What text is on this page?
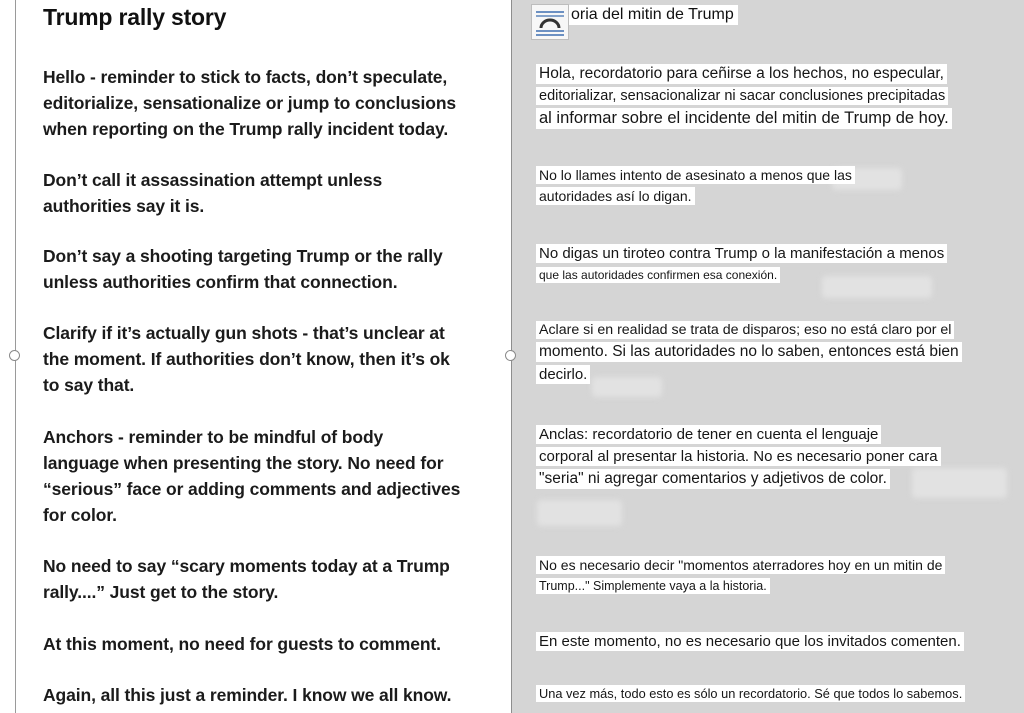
Trump rally story

Hello - reminder to stick to facts, don’t speculate,
editorialize, sensationalize or jump to conclusions
when reporting on the Trump rally incident today.

Don’t call it assassination attempt unless
authorities say it is.

Don’t say a shooting targeting Trump or the rally
unless authorities confirm that connection.

Clarify if it’s actually gun shots - that’s unclear at
the moment. If authorities don’t know, then it’s ok
to say that.

Anchors - reminder to be mindful of body
language when presenting the story. No need for
“serious” face or adding comments and adjectives
for color.

No need to say “scary moments today at a Trump
rally....” Just get to the story.

At this moment, no need for guests to comment.

Again, all this just a reminder. I know we all know.

oria del mitin de Trump
Hola, recordatorio para ceñirse a los hechos, no especular,
editorializar, sensacionalizar ni sacar conclusiones precipitadas
al informar sobre el incidente del mitin de Trump de hoy.
No lo llames intento de asesinato a menos que las
autoridades así lo digan.
No digas un tiroteo contra Trump o la manifestación a menos
que las autoridades confirmen esa conexión.
Aclare si en realidad se trata de disparos; eso no está claro por el
momento. Si las autoridades no lo saben, entonces está bien
decirlo.
Anclas: recordatorio de tener en cuenta el lenguaje
corporal al presentar la historia. No es necesario poner cara
"seria" ni agregar comentarios y adjetivos de color.
No es necesario decir "momentos aterradores hoy en un mitin de
Trump..." Simplemente vaya a la historia.
En este momento, no es necesario que los invitados comenten.
Una vez más, todo esto es sólo un recordatorio. Sé que todos lo sabemos.
